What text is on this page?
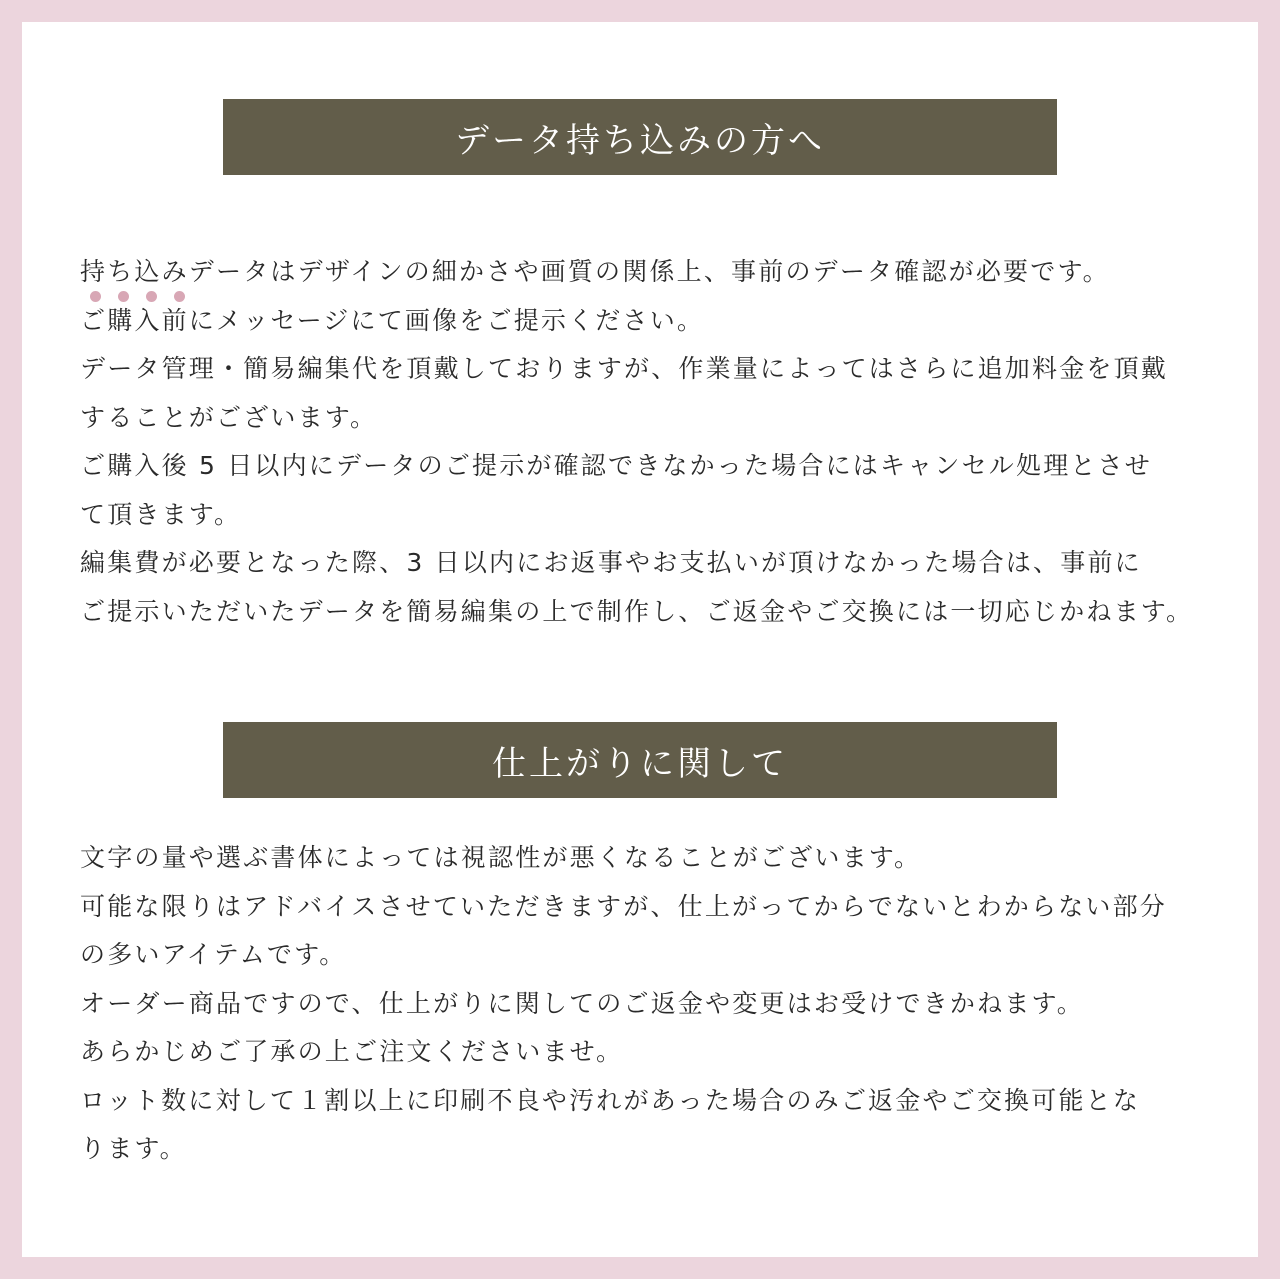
データ持ち込みの方へ
持ち込みデータはデザインの細かさや画質の関係上、事前のデータ確認が必要です。
ご購入前にメッセージにて画像をご提示ください。
データ管理・簡易編集代を頂戴しておりますが、作業量によってはさらに追加料金を頂戴
することがございます。
ご購入後 5 日以内にデータのご提示が確認できなかった場合にはキャンセル処理とさせ
て頂きます。
編集費が必要となった際、3 日以内にお返事やお支払いが頂けなかった場合は、事前に
ご提示いただいたデータを簡易編集の上で制作し、ご返金やご交換には一切応じかねます。
仕上がりに関して
文字の量や選ぶ書体によっては視認性が悪くなることがございます。
可能な限りはアドバイスさせていただきますが、仕上がってからでないとわからない部分
の多いアイテムです。
オーダー商品ですので、仕上がりに関してのご返金や変更はお受けできかねます。
あらかじめご了承の上ご注文くださいませ。
ロット数に対して１割以上に印刷不良や汚れがあった場合のみご返金やご交換可能とな
ります。
